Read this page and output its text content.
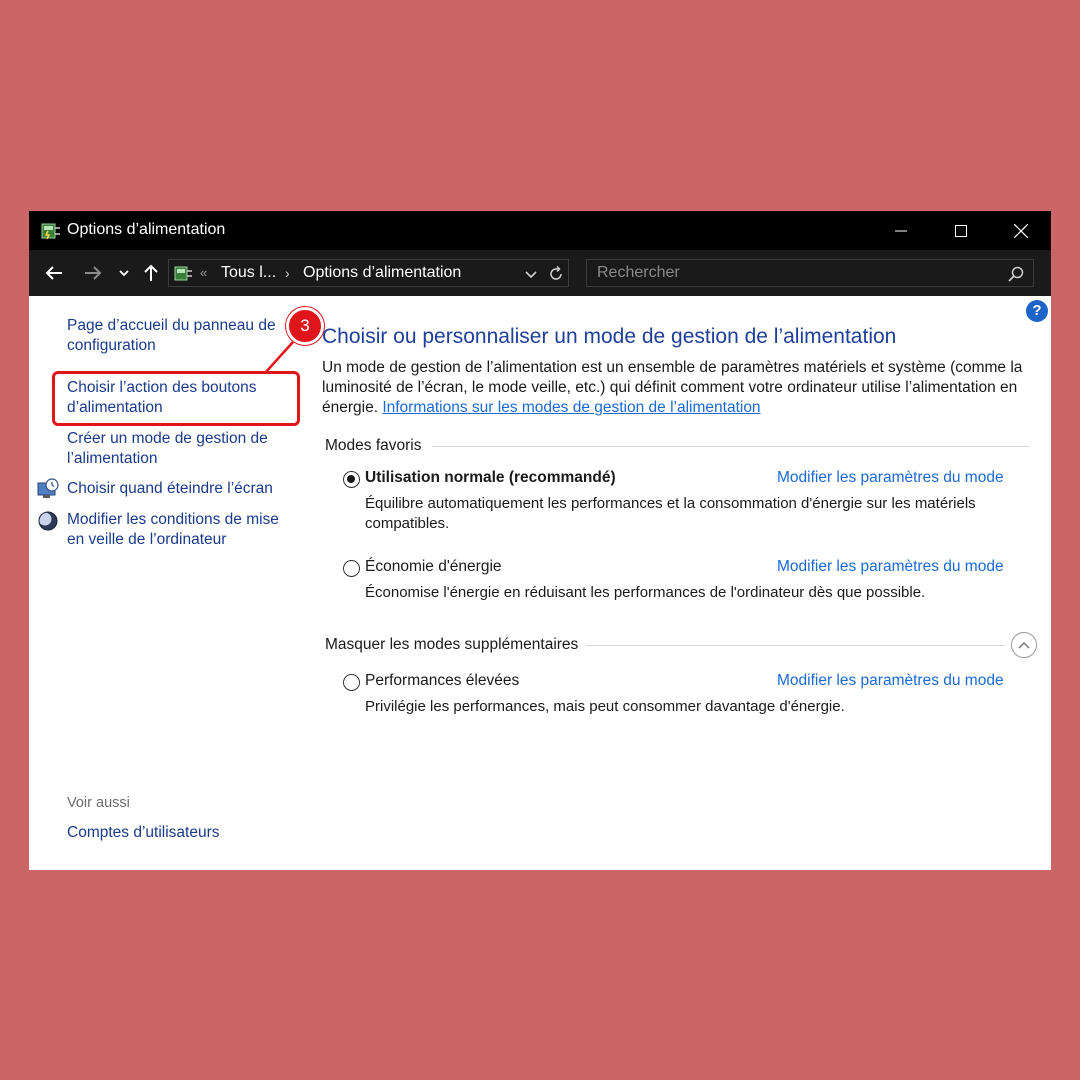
Options d’alimentation
« Tous l... › Options d’alimentation
Rechercher
?
Page d’accueil du panneau de configuration
Choisir l’action des boutons d’alimentation
Créer un mode de gestion de l’alimentation
Choisir quand éteindre l’écran
Modifier les conditions de mise en veille de l’ordinateur
Voir aussi
Comptes d’utilisateurs
3 Choisir ou personnaliser un mode de gestion de l’alimentation
Un mode de gestion de l’alimentation est un ensemble de paramètres matériels et système (comme la luminosité de l’écran, le mode veille, etc.) qui définit comment votre ordinateur utilise l’alimentation en énergie. Informations sur les modes de gestion de l’alimentation
Modes favoris
Utilisation normale (recommandé)	Modifier les paramètres du mode
Équilibre automatiquement les performances et la consommation d'énergie sur les matériels compatibles.
Économie d'énergie	Modifier les paramètres du mode
Économise l'énergie en réduisant les performances de l'ordinateur dès que possible.
Masquer les modes supplémentaires
Performances élevées	Modifier les paramètres du mode
Privilégie les performances, mais peut consommer davantage d'énergie.
